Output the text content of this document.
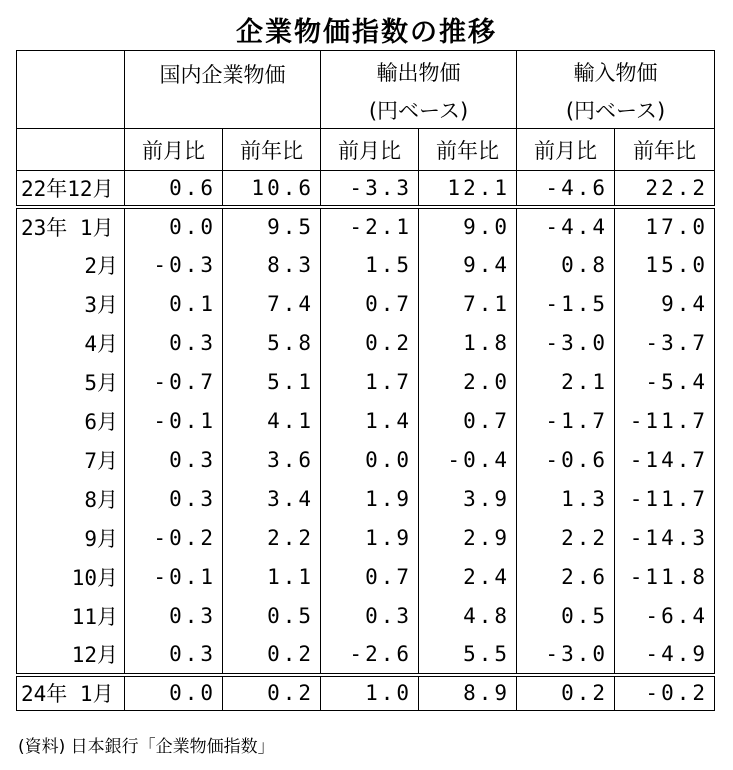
企業物価指数の推移
	国内企業物価		輸出物価		輸入物価	
			(円ベース)		(円ベース)	
	前月比	前年比	前月比	前年比	前月比	前年比
22年12月	0.6	10.6	-3.3	12.1	-4.6	22.2
23年 1月	0.0	9.5	-2.1	9.0	-4.4	17.0
2月	-0.3	8.3	1.5	9.4	0.8	15.0
3月	0.1	7.4	0.7	7.1	-1.5	9.4
4月	0.3	5.8	0.2	1.8	-3.0	-3.7
5月	-0.7	5.1	1.7	2.0	2.1	-5.4
6月	-0.1	4.1	1.4	0.7	-1.7	-11.7
7月	0.3	3.6	0.0	-0.4	-0.6	-14.7
8月	0.3	3.4	1.9	3.9	1.3	-11.7
9月	-0.2	2.2	1.9	2.9	2.2	-14.3
10月	-0.1	1.1	0.7	2.4	2.6	-11.8
11月	0.3	0.5	0.3	4.8	0.5	-6.4
12月	0.3	0.2	-2.6	5.5	-3.0	-4.9
24年 1月	0.0	0.2	1.0	8.9	0.2	-0.2
(資料) 日本銀行「企業物価指数」
